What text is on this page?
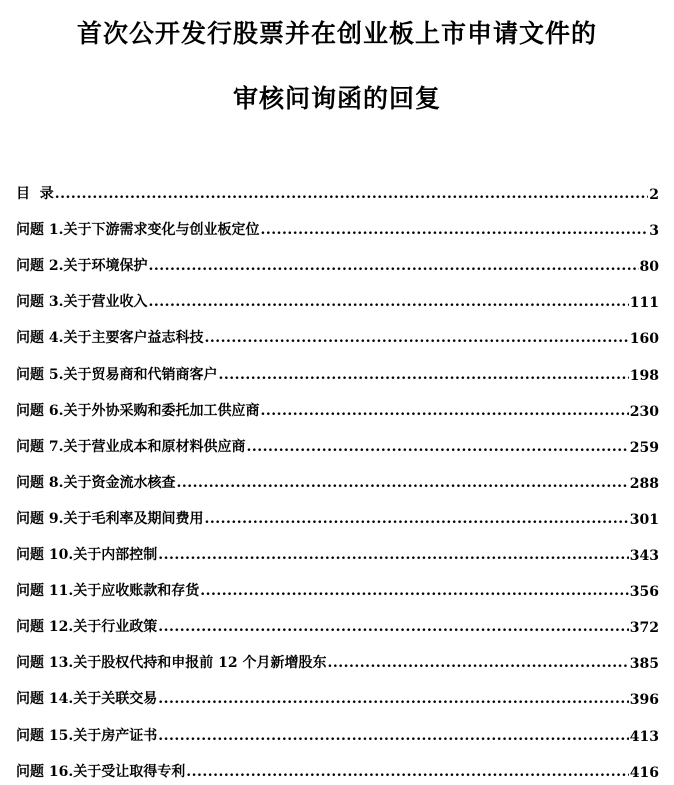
首次公开发行股票并在创业板上市申请文件的
审核问询函的回复
目  录 .....	2
问题 1.关于下游需求变化与创业板定位 .....	3
问题 2.关于环境保护 .....	80
问题 3.关于营业收入 .....	111
问题 4.关于主要客户益志科技 .....	160
问题 5.关于贸易商和代销商客户 .....	198
问题 6.关于外协采购和委托加工供应商 .....	230
问题 7.关于营业成本和原材料供应商 .....	259
问题 8.关于资金流水核查 .....	288
问题 9.关于毛利率及期间费用 .....	301
问题 10.关于内部控制 .....	343
问题 11.关于应收账款和存货 .....	356
问题 12.关于行业政策 .....	372
问题 13.关于股权代持和申报前 12 个月新增股东 .....	385
问题 14.关于关联交易 .....	396
问题 15.关于房产证书 .....	413
问题 16.关于受让取得专利 .....	416
